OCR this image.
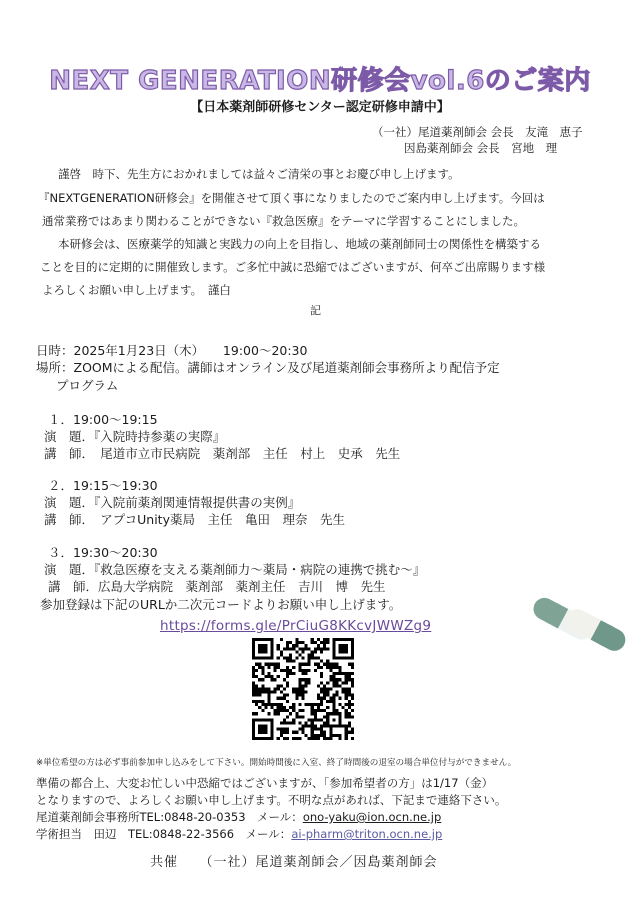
NEXT GENERATION研修会vol.6のご案内
【日本薬剤師研修センター認定研修申請中】
（一社）尾道薬剤師会 会長　友滝　恵子
因島薬剤師会 会長　宮地　理
謹啓　時下、先生方におかれましては益々ご清栄の事とお慶び申し上げます。
『NEXTGENERATION研修会』を開催させて頂く事になりましたのでご案内申し上げます。今回は
通常業務ではあまり関わることができない『救急医療』をテーマに学習することにしました。
本研修会は、医療薬学的知識と実践力の向上を目指し、地域の薬剤師同士の関係性を構築する
ことを目的に定期的に開催致します。ご多忙中誠に恐縮ではございますが、何卒ご出席賜ります様
よろしくお願い申し上げます。　謹白
記
日時：2025年1月23日（木）　　19:00～20:30
場所：ZOOMによる配信。講師はオンライン及び尾道薬剤師会事務所より配信予定
プログラム
１．19:00～19:15
演　題．『入院時持参薬の実際』
講　師．　尾道市立市民病院　薬剤部　主任　村上　史承　先生
２．19:15～19:30
演　題．『入院前薬剤関連情報提供書の実例』
講　師．　アプコUnity薬局　主任　亀田　理奈　先生
３．19:30～20:30
演　題．『救急医療を支える薬剤師力～薬局・病院の連携で挑む～』
講　師．広島大学病院　薬剤部　薬剤主任　吉川　博　先生
参加登録は下記のURLか二次元コードよりお願い申し上げます。
https://forms.gle/PrCiuG8KKcvJWWZg9
※単位希望の方は必ず事前参加申し込みをして下さい。開始時間後に入室、終了時間後の退室の場合単位付与ができません。
準備の都合上、大変お忙しい中恐縮ではございますが、「参加希望者の方」は1/17（金）
となりますので、よろしくお願い申し上げます。不明な点があれば、下記まで連絡下さい。
尾道薬剤師会事務所TEL:0848-20-0353　メール：ono-yaku@ion.ocn.ne.jp
学術担当　田辺　TEL:0848-22-3566　メール：ai-pharm@triton.ocn.ne.jp
共催　　（一社）尾道薬剤師会／因島薬剤師会
